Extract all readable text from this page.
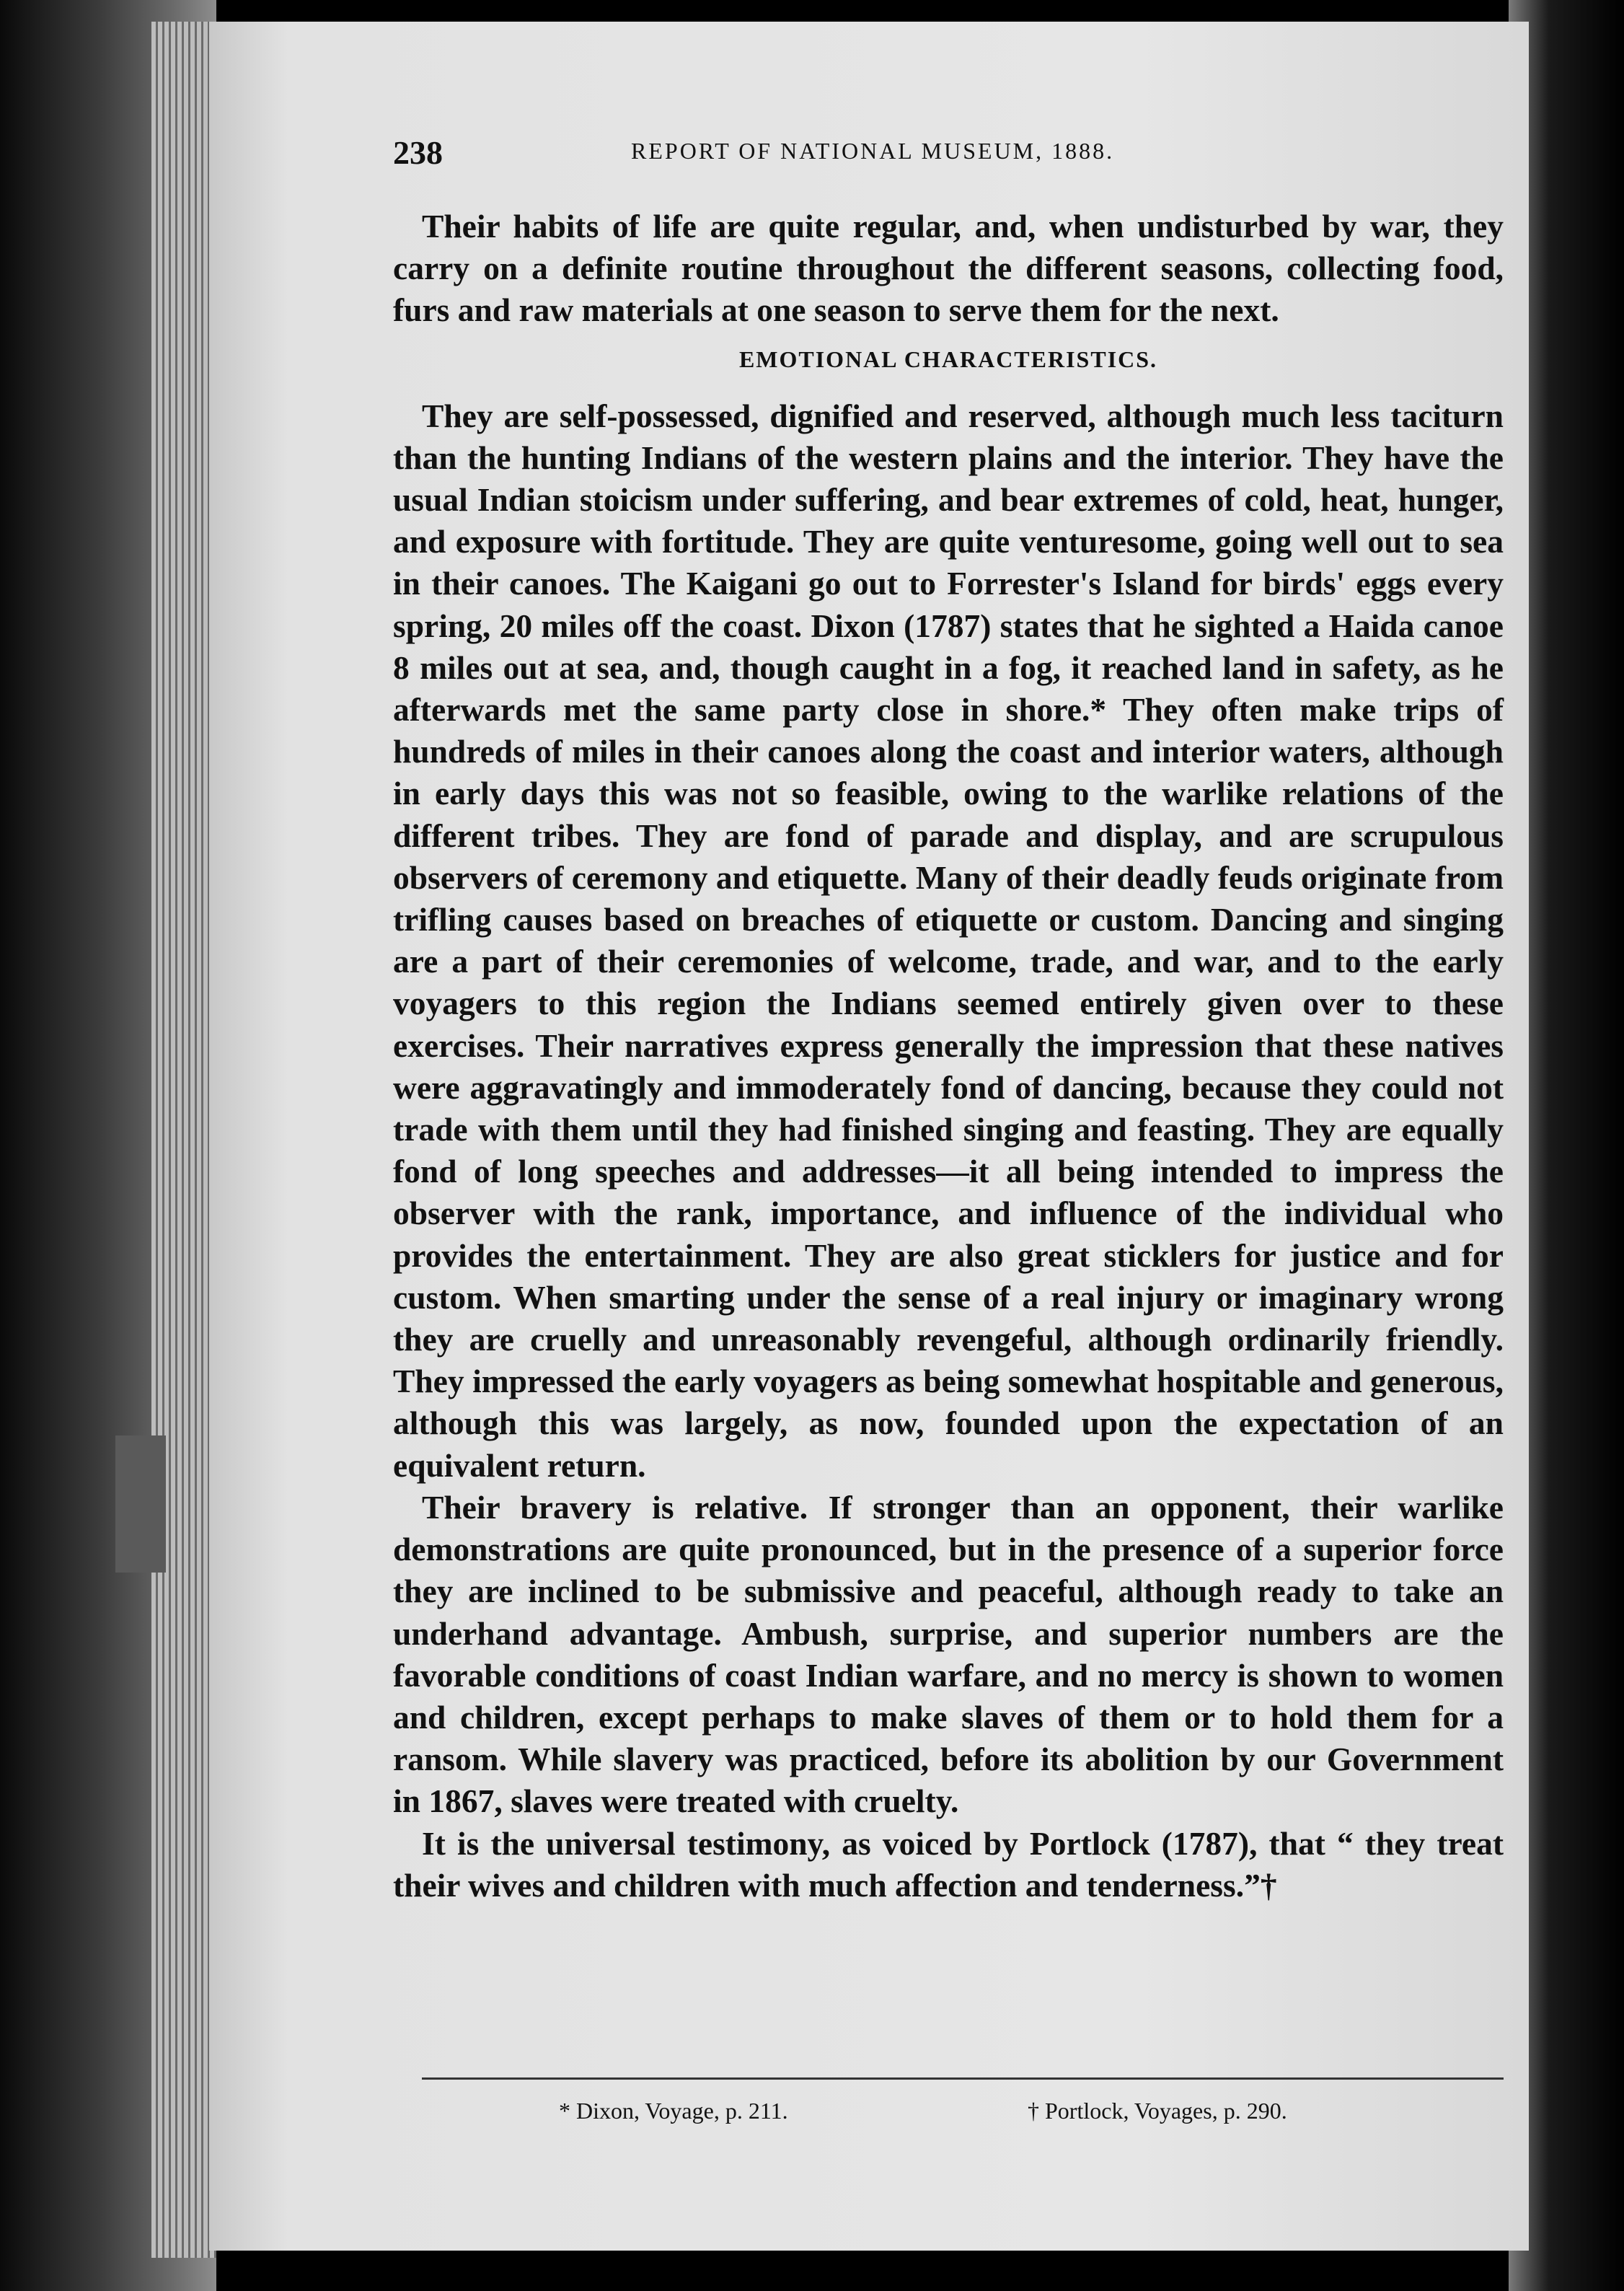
238	REPORT OF NATIONAL MUSEUM, 1888.

Their habits of life are quite regular, and, when undisturbed by war, they carry on a definite routine throughout the different seasons, collecting food, furs and raw materials at one season to serve them for the next.

EMOTIONAL CHARACTERISTICS.

They are self-possessed, dignified and reserved, although much less taciturn than the hunting Indians of the western plains and the interior. They have the usual Indian stoicism under suffering, and bear extremes of cold, heat, hunger, and exposure with fortitude. They are quite venturesome, going well out to sea in their canoes. The Kaigani go out to Forrester's Island for birds' eggs every spring, 20 miles off the coast. Dixon (1787) states that he sighted a Haida canoe 8 miles out at sea, and, though caught in a fog, it reached land in safety, as he afterwards met the same party close in shore.* They often make trips of hundreds of miles in their canoes along the coast and interior waters, although in early days this was not so feasible, owing to the warlike relations of the different tribes. They are fond of parade and display, and are scrupulous observers of ceremony and etiquette. Many of their deadly feuds originate from trifling causes based on breaches of etiquette or custom. Dancing and singing are a part of their ceremonies of welcome, trade, and war, and to the early voyagers to this region the Indians seemed entirely given over to these exercises. Their narratives express generally the impression that these natives were aggravatingly and immoderately fond of dancing, because they could not trade with them until they had finished singing and feasting. They are equally fond of long speeches and addresses—it all being intended to impress the observer with the rank, importance, and influence of the individual who provides the entertainment. They are also great sticklers for justice and for custom. When smarting under the sense of a real injury or imaginary wrong they are cruelly and unreasonably revengeful, although ordinarily friendly. They impressed the early voyagers as being somewhat hospitable and generous, although this was largely, as now, founded upon the expectation of an equivalent return.

Their bravery is relative. If stronger than an opponent, their warlike demonstrations are quite pronounced, but in the presence of a superior force they are inclined to be submissive and peaceful, although ready to take an underhand advantage. Ambush, surprise, and superior numbers are the favorable conditions of coast Indian warfare, and no mercy is shown to women and children, except perhaps to make slaves of them or to hold them for a ransom. While slavery was practiced, before its abolition by our Government in 1867, slaves were treated with cruelty.

It is the universal testimony, as voiced by Portlock (1787), that “ they treat their wives and children with much affection and tenderness.”†

* Dixon, Voyage, p. 211.	† Portlock, Voyages, p. 290.
